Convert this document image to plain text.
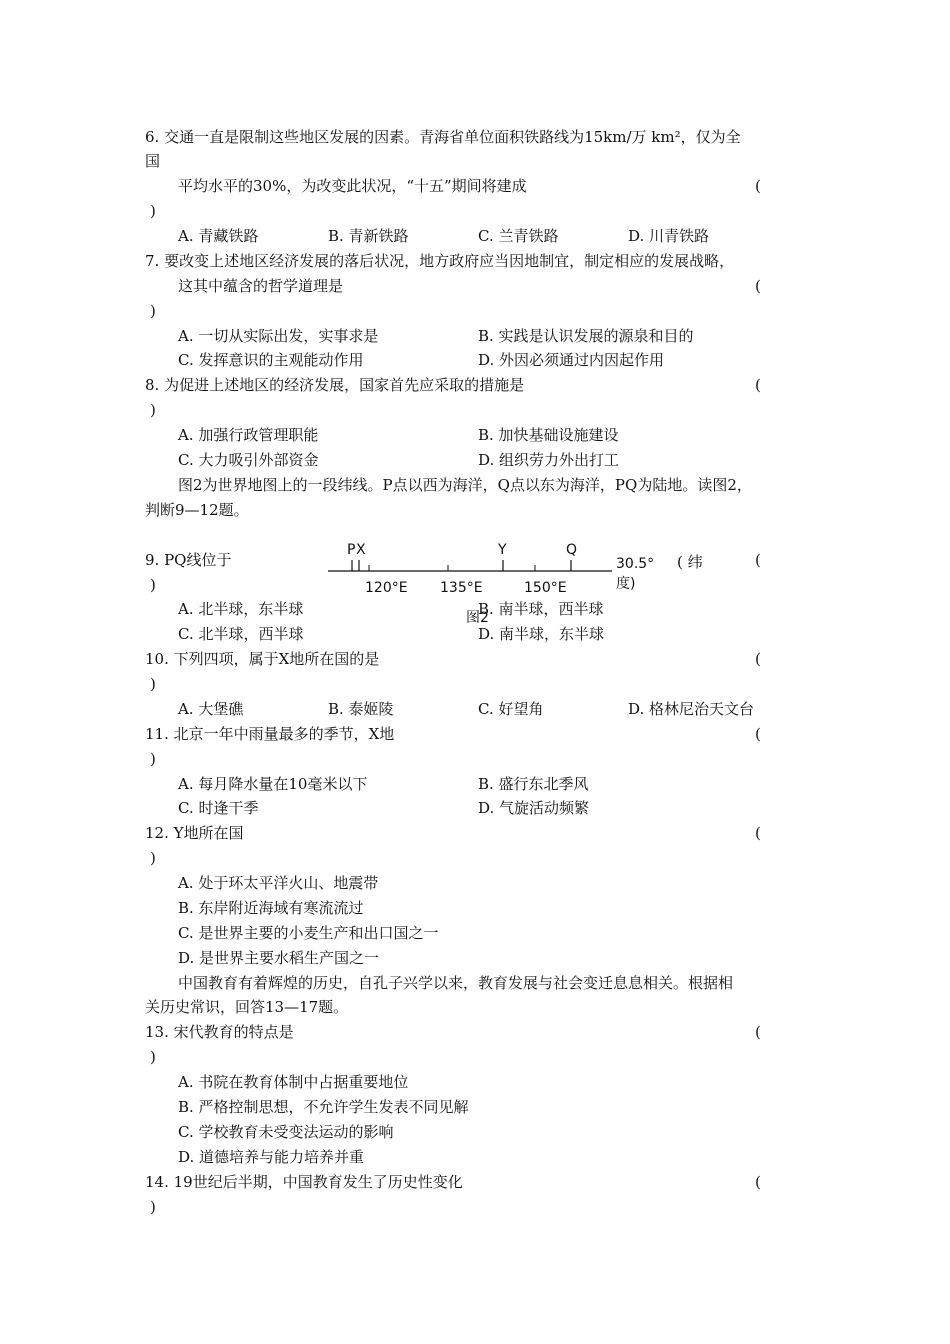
6. 交通一直是限制这些地区发展的因素。青海省单位面积铁路线为15km/万 km²，仅为全
国
平均水平的30%，为改变此状况，“十五”期间将建成	(
)
A. 青藏铁路	B. 青新铁路	C. 兰青铁路	D. 川青铁路
7. 要改变上述地区经济发展的落后状况，地方政府应当因地制宜，制定相应的发展战略，
这其中蕴含的哲学道理是	(
)
A. 一切从实际出发，实事求是	B. 实践是认识发展的源泉和目的
C. 发挥意识的主观能动作用	D. 外因必须通过内因起作用
8. 为促进上述地区的经济发展，国家首先应采取的措施是	(
)
A. 加强行政管理职能	B. 加快基础设施建设
C. 大力吸引外部资金	D. 组织劳力外出打工
图2为世界地图上的一段纬线。P点以西为海洋，Q点以东为海洋，PQ为陆地。读图2，
判断9—12题。
P X	Y	Q
120°E 135°E	150°E
30.5°
度)
图2
9. PQ线位于	( 纬	(
)
A. 北半球，东半球	B. 南半球，西半球
C. 北半球，西半球	D. 南半球，东半球
10. 下列四项，属于X地所在国的是	(
)
A. 大堡礁	B. 泰姬陵	C. 好望角	D. 格林尼治天文台
11. 北京一年中雨量最多的季节，X地	(
)
A. 每月降水量在10毫米以下	B. 盛行东北季风
C. 时逢干季	D. 气旋活动频繁
12. Y地所在国	(
)
A. 处于环太平洋火山、地震带
B. 东岸附近海域有寒流流过
C. 是世界主要的小麦生产和出口国之一
D. 是世界主要水稻生产国之一
中国教育有着辉煌的历史，自孔子兴学以来，教育发展与社会变迁息息相关。根据相
关历史常识，回答13—17题。
13. 宋代教育的特点是	(
)
A. 书院在教育体制中占据重要地位
B. 严格控制思想，不允许学生发表不同见解
C. 学校教育未受变法运动的影响
D. 道德培养与能力培养并重
14. 19世纪后半期，中国教育发生了历史性变化	(
)
